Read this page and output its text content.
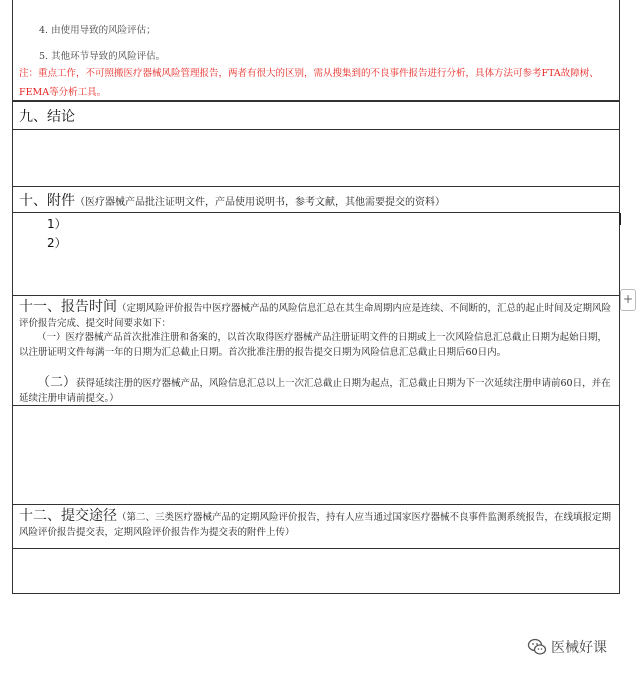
4. 由使用导致的风险评估；
5. 其他环节导致的风险评估。
注：重点工作，不可照搬医疗器械风险管理报告，两者有很大的区别，需从搜集到的不良事件报告进行分析，具体方法可参考FTA故障树、FEMA等分析工具。
九、结论
十、附件（医疗器械产品批注证明文件，产品使用说明书，参考文献，其他需要提交的资料）
1）
2）
十一、报告时间（定期风险评价报告中医疗器械产品的风险信息汇总在其生命周期内应是连续、不间断的，汇总的起止时间及定期风险评价报告完成、提交时间要求如下：
（一）医疗器械产品首次批准注册和备案的，以首次取得医疗器械产品注册证明文件的日期或上一次风险信息汇总截止日期为起始日期，以注册证明文件每满一年的日期为汇总截止日期。首次批准注册的报告提交日期为风险信息汇总截止日期后60日内。
（二）获得延续注册的医疗器械产品，风险信息汇总以上一次汇总截止日期为起点，汇总截止日期为下一次延续注册申请前60日，并在延续注册申请前提交。）
十二、提交途径（第二、三类医疗器械产品的定期风险评价报告，持有人应当通过国家医疗器械不良事件监测系统报告，在线填报定期风险评价报告提交表，定期风险评价报告作为提交表的附件上传）
+
医械好课
